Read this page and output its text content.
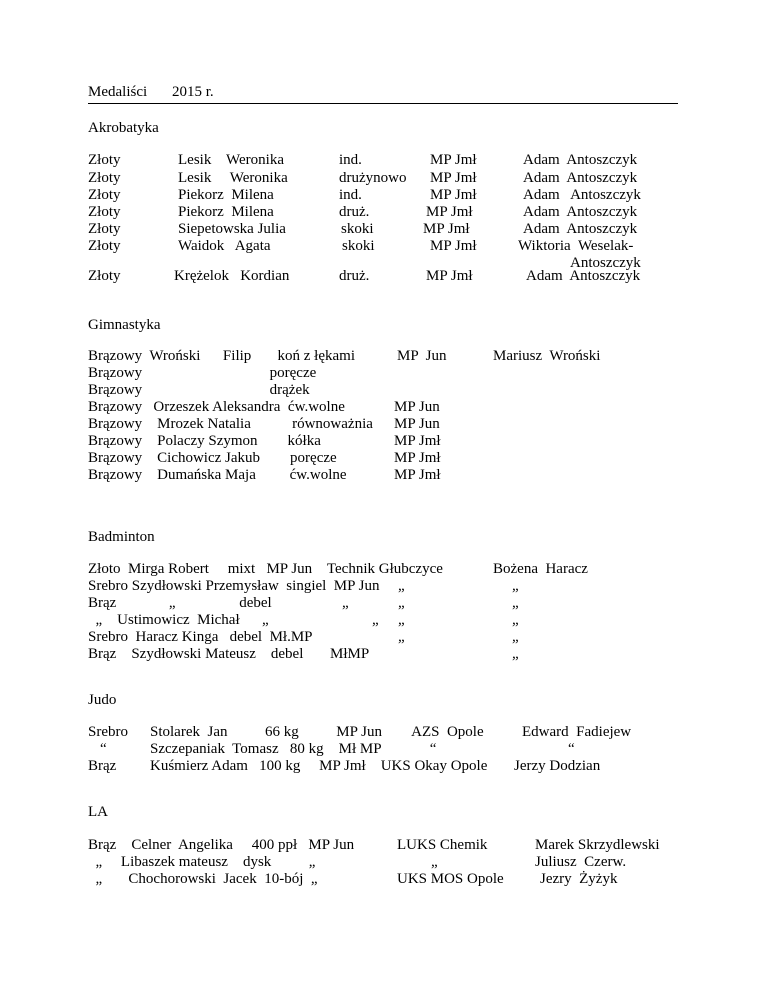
Medaliści 2015 r.
Akrobatyka
Złoty
Złoty
Złoty
Złoty
Złoty
Złoty
Złoty
Lesik    Weronika
Lesik     Weronika
Piekorz  Milena
Piekorz  Milena
Siepetowska Julia
Waidok   Agata
Krężelok   Kordian
ind.
drużynowo
ind.
druż.
skoki
skoki
druż.
MP Jmł
MP Jmł
MP Jmł
MP Jmł
MP Jmł
MP Jmł
MP Jmł
Adam  Antoszczyk
Adam  Antoszczyk
Adam   Antoszczyk
Adam  Antoszczyk
Adam  Antoszczyk
Wiktoria  Weselak-
Antoszczyk
Adam  Antoszczyk
Gimnastyka
Brązowy  Wroński      Filip       koń z łękami
Brązowy                                  poręcze
Brązowy                                  drążek
Brązowy   Orzeszek Aleksandra  ćw.wolne
Brązowy    Mrozek Natalia           równoważnia
Brązowy    Polaczy Szymon        kółka
Brązowy    Cichowicz Jakub        poręcze
Brązowy    Dumańska Maja         ćw.wolne
MP  Jun
MP Jun
MP Jun
MP Jmł
MP Jmł
MP Jmł
Mariusz  Wroński
Badminton
Złoto  Mirga Robert     mixt   MP Jun    Technik Głubczyce
Srebro Szydłowski Przemysław  singiel  MP Jun
Brąz              „                 debel
„    Ustimowicz  Michał
Srebro  Haracz Kinga   debel  Mł.MP
Brąz    Szydłowski Mateusz    debel
„
„
„
„
„
„
„
MłMP
Bożena  Haracz
„
„
„
„
„
Judo
Srebro
“
Brąz
Stolarek  Jan          66 kg          MP Jun        AZS  Opole
Szczepaniak  Tomasz   80 kg    Mł MP             “
Kuśmierz Adam   100 kg     MP Jmł    UKS Okay Opole
Edward  Fadiejew
“
Jerzy Dodzian
LA
Brąz    Celner  Angelika     400 ppł   MP Jun
„     Libaszek mateusz    dysk          „
„       Chochorowski  Jacek  10-bój  „
LUKS Chemik
„
UKS MOS Opole
Marek Skrzydlewski
Juliusz  Czerw.
Jezry  Żyżyk
